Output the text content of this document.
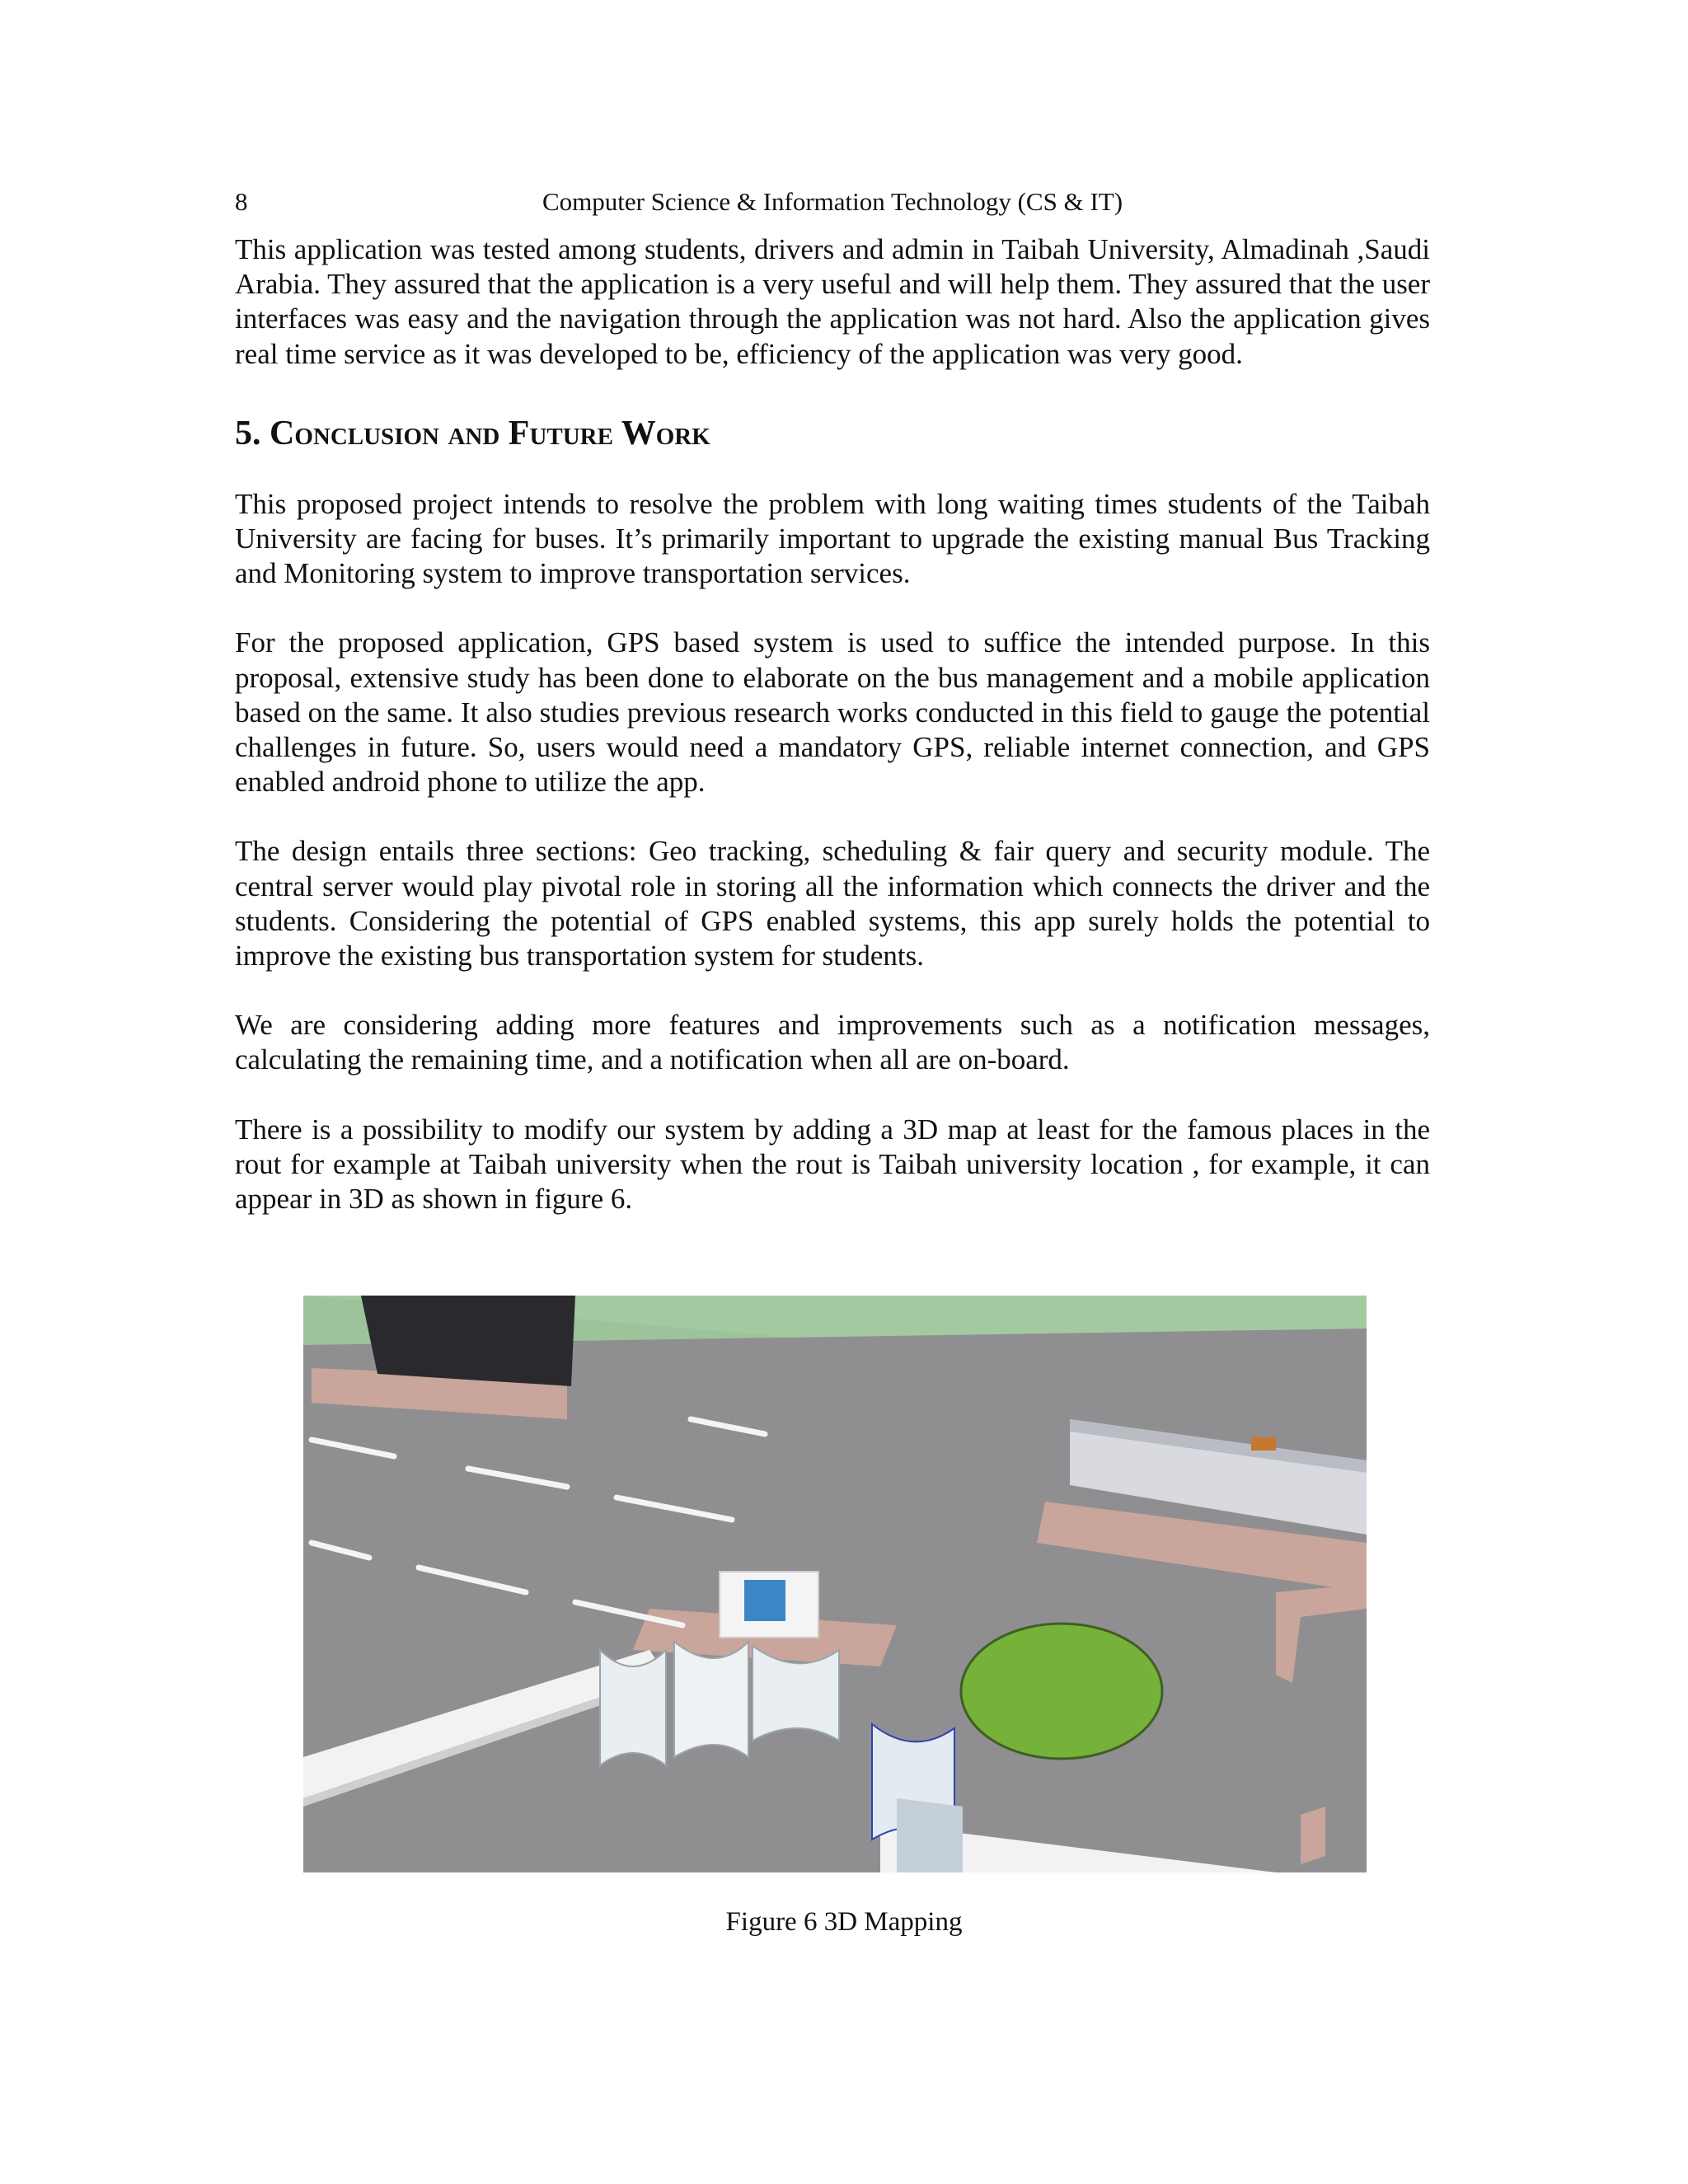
8	Computer Science & Information Technology (CS & IT)

This application was tested among students, drivers and admin in Taibah University, Almadinah ,Saudi Arabia. They assured that the application is a very useful and will help them. They assured that the user interfaces was easy and the navigation through the application was not hard. Also the application gives real time service as it was developed to be, efficiency of the application was very good.

5. Conclusion and Future Work

This proposed project intends to resolve the problem with long waiting times students of the Taibah University are facing for buses. It’s primarily important to upgrade the existing manual Bus Tracking and Monitoring system to improve transportation services.

For the proposed application, GPS based system is used to suffice the intended purpose. In this proposal, extensive study has been done to elaborate on the bus management and a mobile application based on the same. It also studies previous research works conducted in this field to gauge the potential challenges in future. So, users would need a mandatory GPS, reliable internet connection, and GPS enabled android phone to utilize the app.

The design entails three sections: Geo tracking, scheduling & fair query and security module. The central server would play pivotal role in storing all the information which connects the driver and the students. Considering the potential of GPS enabled systems, this app surely holds the potential to improve the existing bus transportation system for students.

We are considering adding more features and improvements such as a notification messages, calculating the remaining time, and a notification when all are on-board.

There is a possibility to modify our system by adding a 3D map at least for the famous places in the rout for example at Taibah university when the rout is Taibah university location , for example, it can appear in 3D as shown in figure 6.

Figure 6 3D Mapping
